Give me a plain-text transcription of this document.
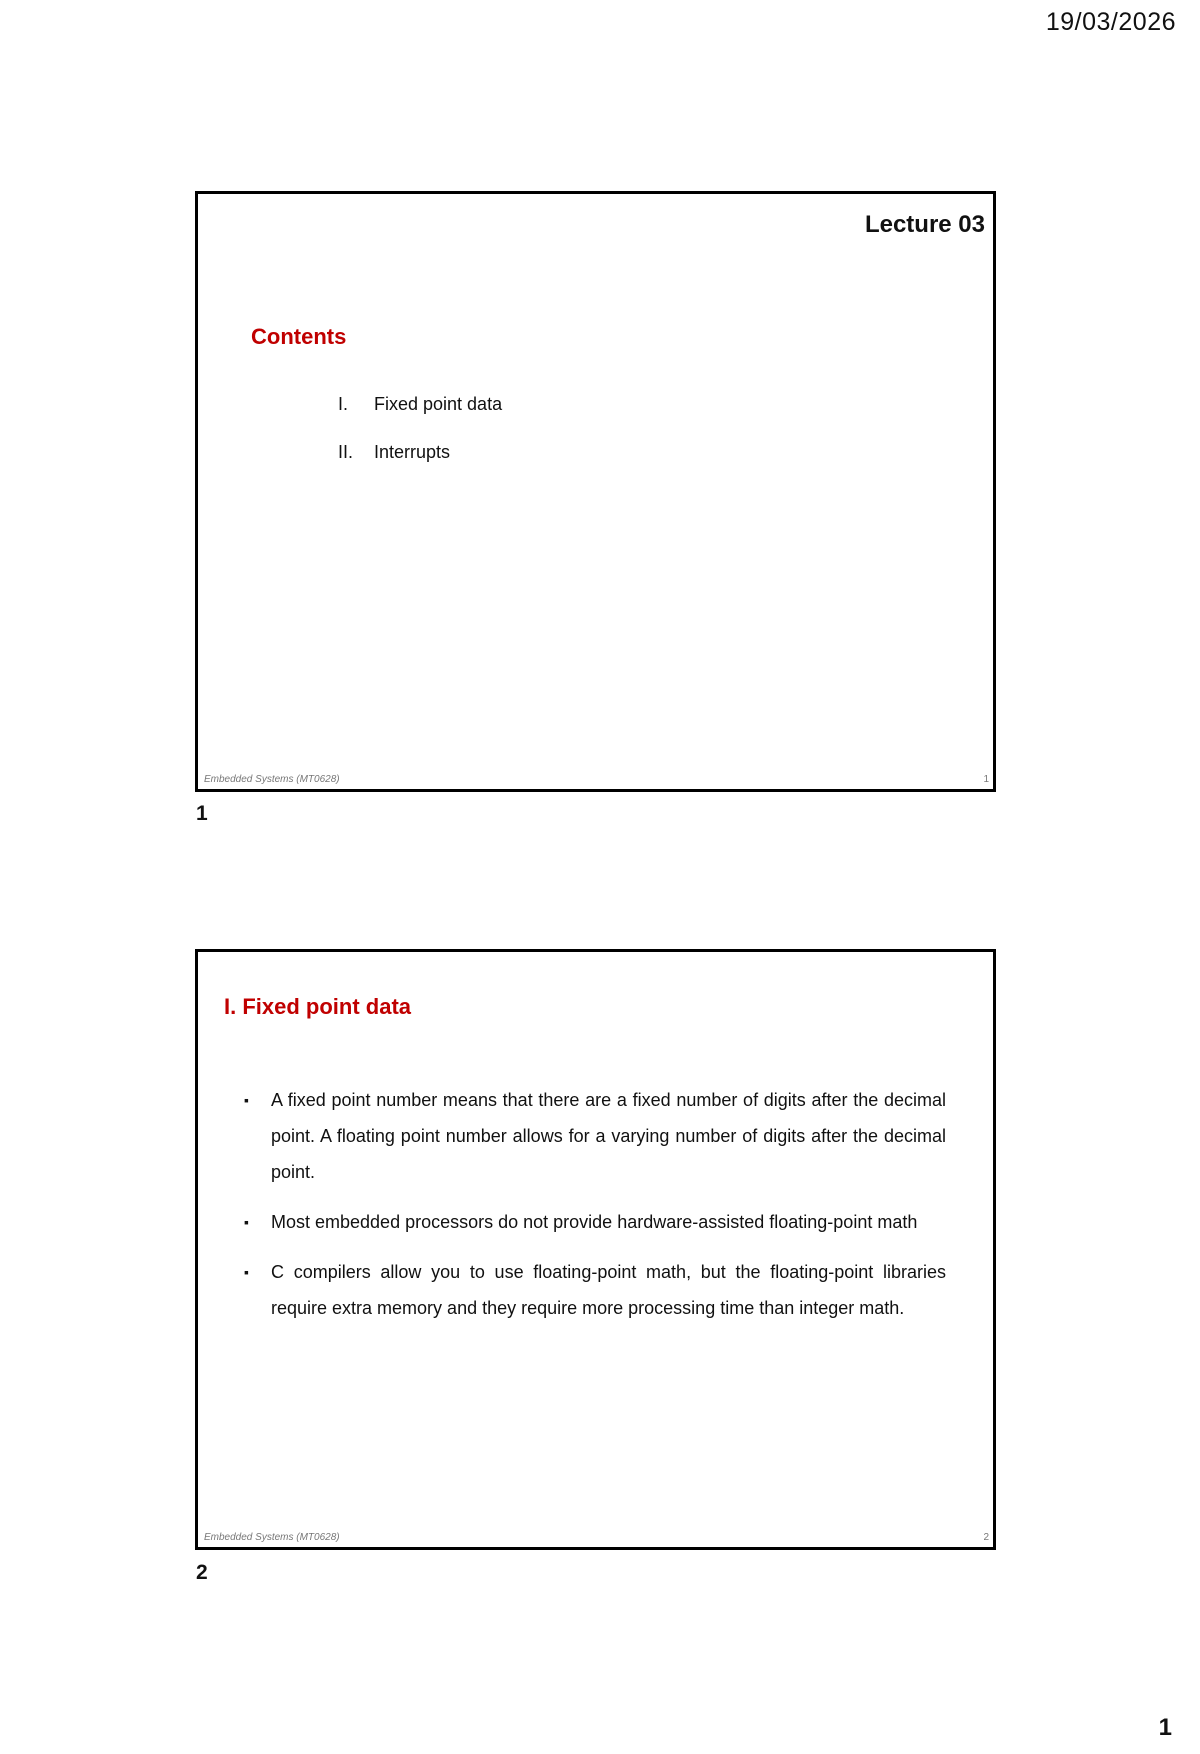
19/03/2026
Lecture 03
Contents
I.	Fixed point data
II.	Interrupts
Embedded Systems (MT0628)	1
1
I. Fixed point data
▪ A fixed point number means that there are a fixed number of digits after the decimal point. A floating point number allows for a varying number of digits after the decimal point.
▪ Most embedded processors do not provide hardware-assisted floating-point math
▪ C compilers allow you to use floating-point math, but the floating-point libraries require extra memory and they require more processing time than integer math.
Embedded Systems (MT0628)	2
2
1
